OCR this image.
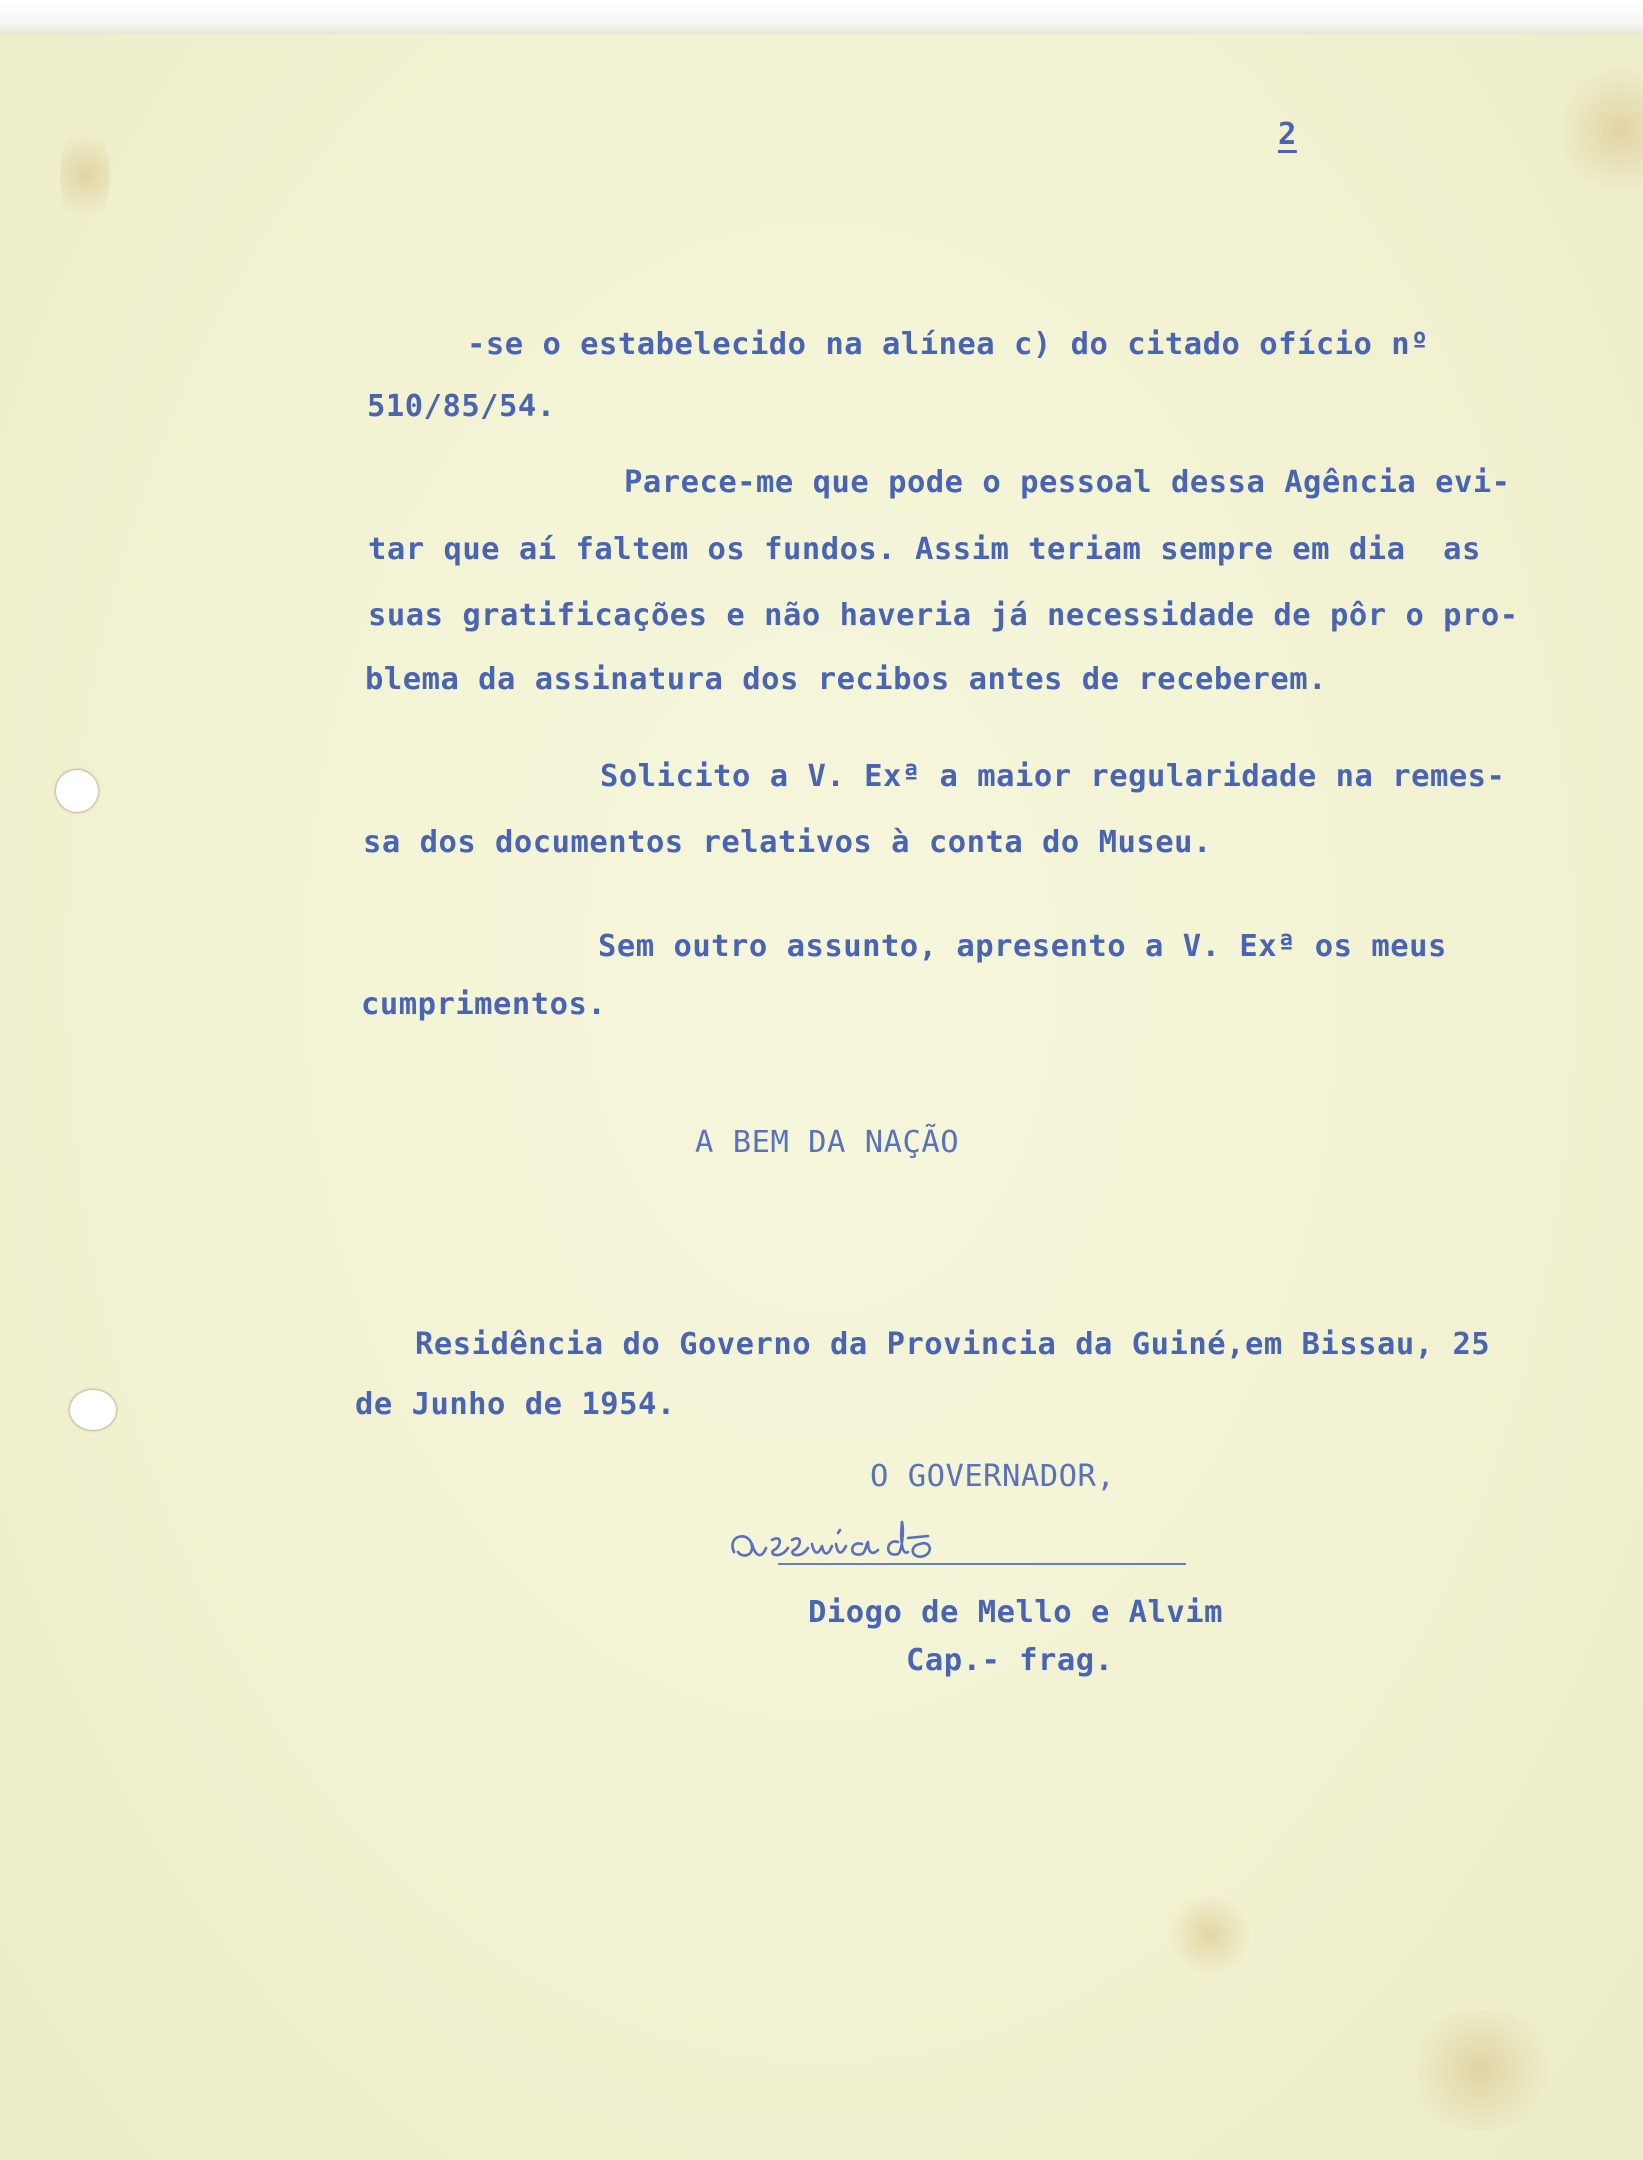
2

-se o estabelecido na alínea c) do citado ofício nº

510/85/54.

Parece-me que pode o pessoal dessa Agência evi-

tar que aí faltem os fundos. Assim teriam sempre em dia  as

suas gratificações e não haveria já necessidade de pôr o pro-

blema da assinatura dos recibos antes de receberem.

Solicito a V. Exª a maior regularidade na remes-

sa dos documentos relativos à conta do Museu.

Sem outro assunto, apresento a V. Exª os meus

cumprimentos.

A BEM DA NAÇÃO

Residência do Governo da Provincia da Guiné,em Bissau, 25

de Junho de 1954.

O GOVERNADOR,

Diogo de Mello e Alvim

Cap.- frag.
